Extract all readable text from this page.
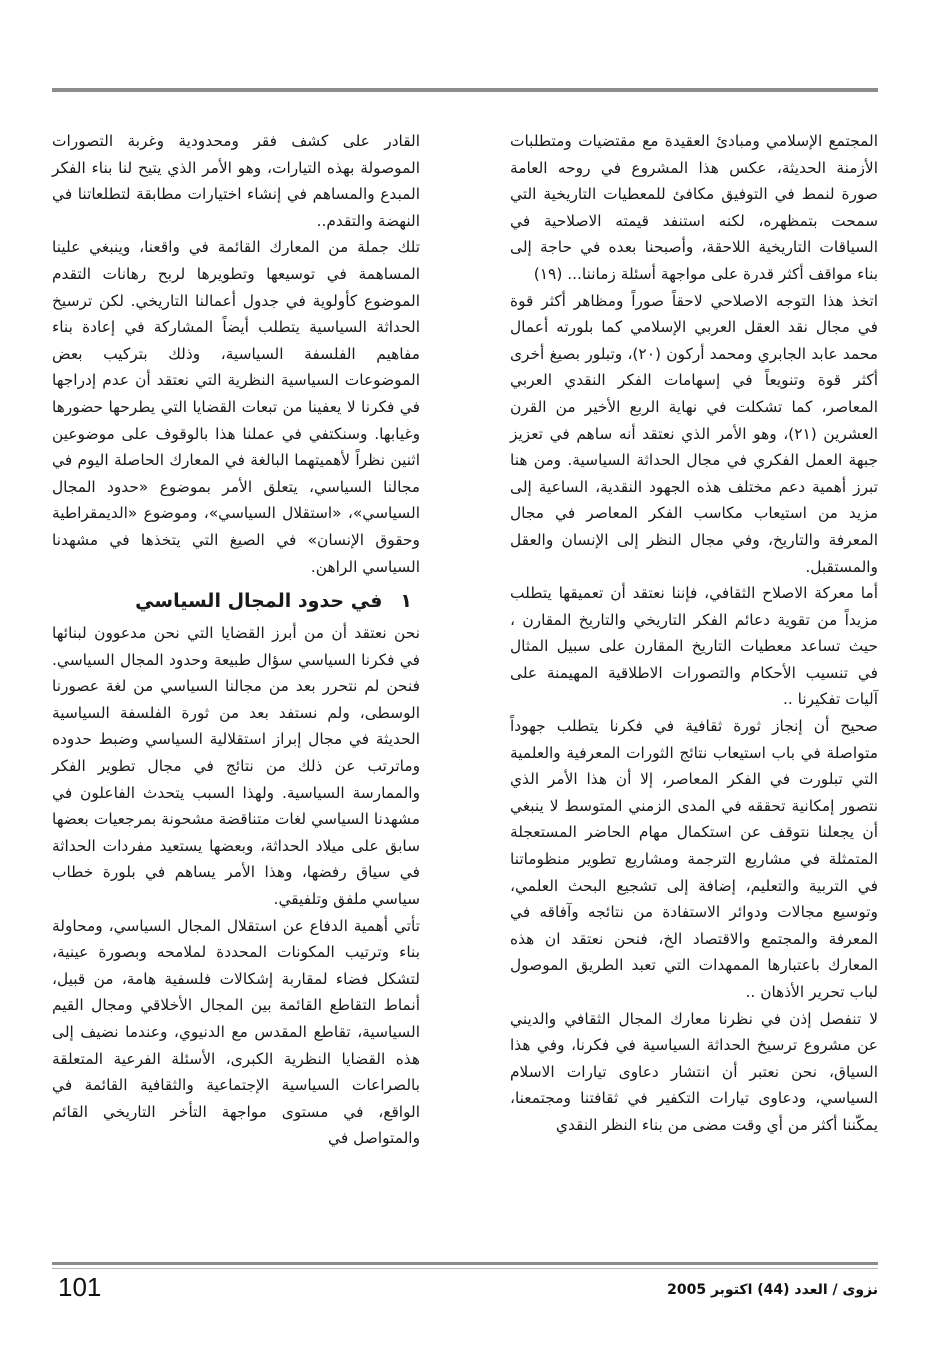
المجتمع الإسلامي ومبادئ العقيدة مع مقتضيات ومتطلبات الأزمنة الحديثة، عكس هذا المشروع في روحه العامة صورة لنمط في التوفيق مكافئ للمعطيات التاريخية التي سمحت بتمظهره، لكنه استنفد قيمته الاصلاحية في السياقات التاريخية اللاحقة، وأصبحنا بعده في حاجة إلى بناء مواقف أكثر قدرة على مواجهة أسئلة زماننا... (١٩)

اتخذ هذا التوجه الاصلاحي لاحقاً صوراً ومظاهر أكثر قوة في مجال نقد العقل العربي الإسلامي كما بلورته أعمال محمد عابد الجابري ومحمد أركون (٢٠)، وتبلور بصيغ أخرى أكثر قوة وتنويعاً في إسهامات الفكر النقدي العربي المعاصر، كما تشكلت في نهاية الربع الأخير من القرن العشرين (٢١)، وهو الأمر الذي نعتقد أنه ساهم في تعزيز جبهة العمل الفكري في مجال الحداثة السياسية. ومن هنا تبرز أهمية دعم مختلف هذه الجهود النقدية، الساعية إلى مزيد من استيعاب مكاسب الفكر المعاصر في مجال المعرفة والتاريخ، وفي مجال النظر إلى الإنسان والعقل والمستقبل.

أما معركة الاصلاح الثقافي، فإننا نعتقد أن تعميقها يتطلب مزيداً من تقوية دعائم الفكر التاريخي والتاريخ المقارن ، حيث تساعد معطيات التاريخ المقارن على سبيل المثال في تنسيب الأحكام والتصورات الاطلاقية المهيمنة على آليات تفكيرنا ..

صحيح أن إنجاز ثورة ثقافية في فكرنا يتطلب جهوداً متواصلة في باب استيعاب نتائج الثورات المعرفية والعلمية التي تبلورت في الفكر المعاصر، إلا أن هذا الأمر الذي نتصور إمكانية تحققه في المدى الزمني المتوسط لا ينبغي أن يجعلنا نتوقف عن استكمال مهام الحاضر المستعجلة المتمثلة في مشاريع الترجمة ومشاريع تطوير منظوماتنا في التربية والتعليم، إضافة إلى تشجيع البحث العلمي، وتوسيع مجالات ودوائر الاستفادة من نتائجه وآفاقه في المعرفة والمجتمع والاقتصاد الخ، فنحن نعتقد ان هذه المعارك باعتبارها الممهدات التي تعبد الطريق الموصول لباب تحرير الأذهان ..

لا تنفصل إذن في نظرنا معارك المجال الثقافي والديني عن مشروع ترسيخ الحداثة السياسية في فكرنا، وفي هذا السياق، نحن نعتبر أن انتشار دعاوى تيارات الاسلام السياسي، ودعاوى تيارات التكفير في ثقافتنا ومجتمعنا، يمكّننا أكثر من أي وقت مضى من بناء النظر النقدي

القادر على كشف فقر ومحدودية وغربة التصورات الموصولة بهذه التيارات، وهو الأمر الذي يتيح لنا بناء الفكر المبدع والمساهم في إنشاء اختيارات مطابقة لتطلعاتنا في النهضة والتقدم..

تلك جملة من المعارك القائمة في واقعنا، وينبغي علينا المساهمة في توسيعها وتطويرها لربح رهانات التقدم الموضوع كأولوية في جدول أعمالنا التاريخي. لكن ترسيخ الحداثة السياسية يتطلب أيضاً المشاركة في إعادة بناء مفاهيم الفلسفة السياسية، وذلك بتركيب بعض الموضوعات السياسية النظرية التي نعتقد أن عدم إدراجها في فكرنا لا يعفينا من تبعات القضايا التي يطرحها حضورها وغيابها. وسنكتفي في عملنا هذا بالوقوف على موضوعين اثنين نظراً لأهميتهما البالغة في المعارك الحاصلة اليوم في مجالنا السياسي، يتعلق الأمر بموضوع «حدود المجال السياسي»، «استقلال السياسي»، وموضوع «الديمقراطية وحقوق الإنسان» في الصيغ التي يتخذها في مشهدنا السياسي الراهن.

١في حدود المجال السياسي

نحن نعتقد أن من أبرز القضايا التي نحن مدعوون لبنائها في فكرنا السياسي سؤال طبيعة وحدود المجال السياسي. فنحن لم نتحرر بعد من مجالنا السياسي من لغة عصورنا الوسطى، ولم نستفد بعد من ثورة الفلسفة السياسية الحديثة في مجال إبراز استقلالية السياسي وضبط حدوده وماترتب عن ذلك من نتائج في مجال تطوير الفكر والممارسة السياسية. ولهذا السبب يتحدث الفاعلون في مشهدنا السياسي لغات متناقضة مشحونة بمرجعيات بعضها سابق على ميلاد الحداثة، وبعضها يستعيد مفردات الحداثة في سياق رفضها، وهذا الأمر يساهم في بلورة خطاب سياسي ملفق وتلفيقي.

تأتي أهمية الدفاع عن استقلال المجال السياسي، ومحاولة بناء وترتيب المكونات المحددة لملامحه وبصورة عينية، لتشكل فضاء لمقاربة إشكالات فلسفية هامة، من قبيل، أنماط التقاطع القائمة بين المجال الأخلاقي ومجال القيم السياسية، تقاطع المقدس مع الدنيوي، وعندما نضيف إلى هذه القضايا النظرية الكبرى، الأسئلة الفرعية المتعلقة بالصراعات السياسية الإجتماعية والثقافية القائمة في الواقع، في مستوى مواجهة التأخر التاريخي القائم والمتواصل في

101	نزوى / العدد (44) اكتوبر 2005
